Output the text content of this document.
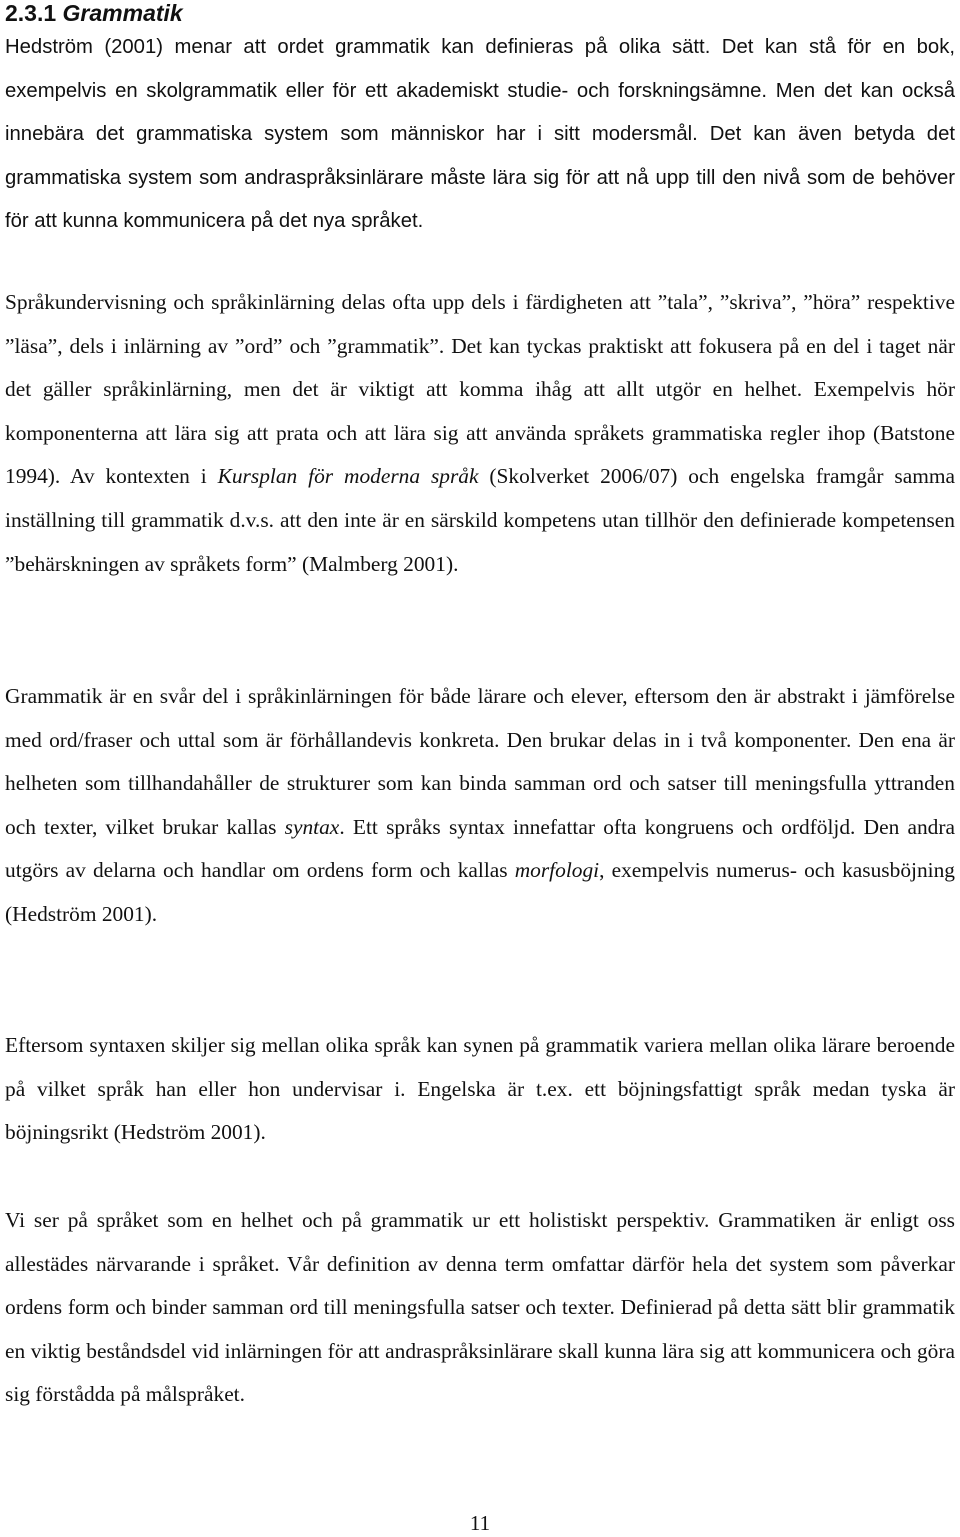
2.3.1 Grammatik

Hedström (2001) menar att ordet grammatik kan definieras på olika sätt. Det kan stå för en bok, exempelvis en skolgrammatik eller för ett akademiskt studie- och forskningsämne. Men det kan också innebära det grammatiska system som människor har i sitt modersmål. Det kan även betyda det grammatiska system som andraspråksinlärare måste lära sig för att nå upp till den nivå som de behöver för att kunna kommunicera på det nya språket.

Språkundervisning och språkinlärning delas ofta upp dels i färdigheten att ”tala”, ”skriva”, ”höra” respektive ”läsa”, dels i inlärning av ”ord” och ”grammatik”. Det kan tyckas praktiskt att fokusera på en del i taget när det gäller språkinlärning, men det är viktigt att komma ihåg att allt utgör en helhet. Exempelvis hör komponenterna att lära sig att prata och att lära sig att använda språkets grammatiska regler ihop (Batstone 1994). Av kontexten i Kursplan för moderna språk (Skolverket 2006/07) och engelska framgår samma inställning till grammatik d.v.s. att den inte är en särskild kompetens utan tillhör den definierade kompetensen ”behärskningen av språkets form” (Malmberg 2001).

Grammatik är en svår del i språkinlärningen för både lärare och elever, eftersom den är abstrakt i jämförelse med ord/fraser och uttal som är förhållandevis konkreta. Den brukar delas in i två komponenter. Den ena är helheten som tillhandahåller de strukturer som kan binda samman ord och satser till meningsfulla yttranden och texter, vilket brukar kallas syntax. Ett språks syntax innefattar ofta kongruens och ordföljd. Den andra utgörs av delarna och handlar om ordens form och kallas morfologi, exempelvis numerus- och kasusböjning (Hedström 2001).

Eftersom syntaxen skiljer sig mellan olika språk kan synen på grammatik variera mellan olika lärare beroende på vilket språk han eller hon undervisar i. Engelska är t.ex. ett böjningsfattigt språk medan tyska är böjningsrikt (Hedström 2001).

Vi ser på språket som en helhet och på grammatik ur ett holistiskt perspektiv. Grammatiken är enligt oss allestädes närvarande i språket. Vår definition av denna term omfattar därför hela det system som påverkar ordens form och binder samman ord till meningsfulla satser och texter. Definierad på detta sätt blir grammatik en viktig beståndsdel vid inlärningen för att andraspråksinlärare skall kunna lära sig att kommunicera och göra sig förstådda på målspråket.

11
